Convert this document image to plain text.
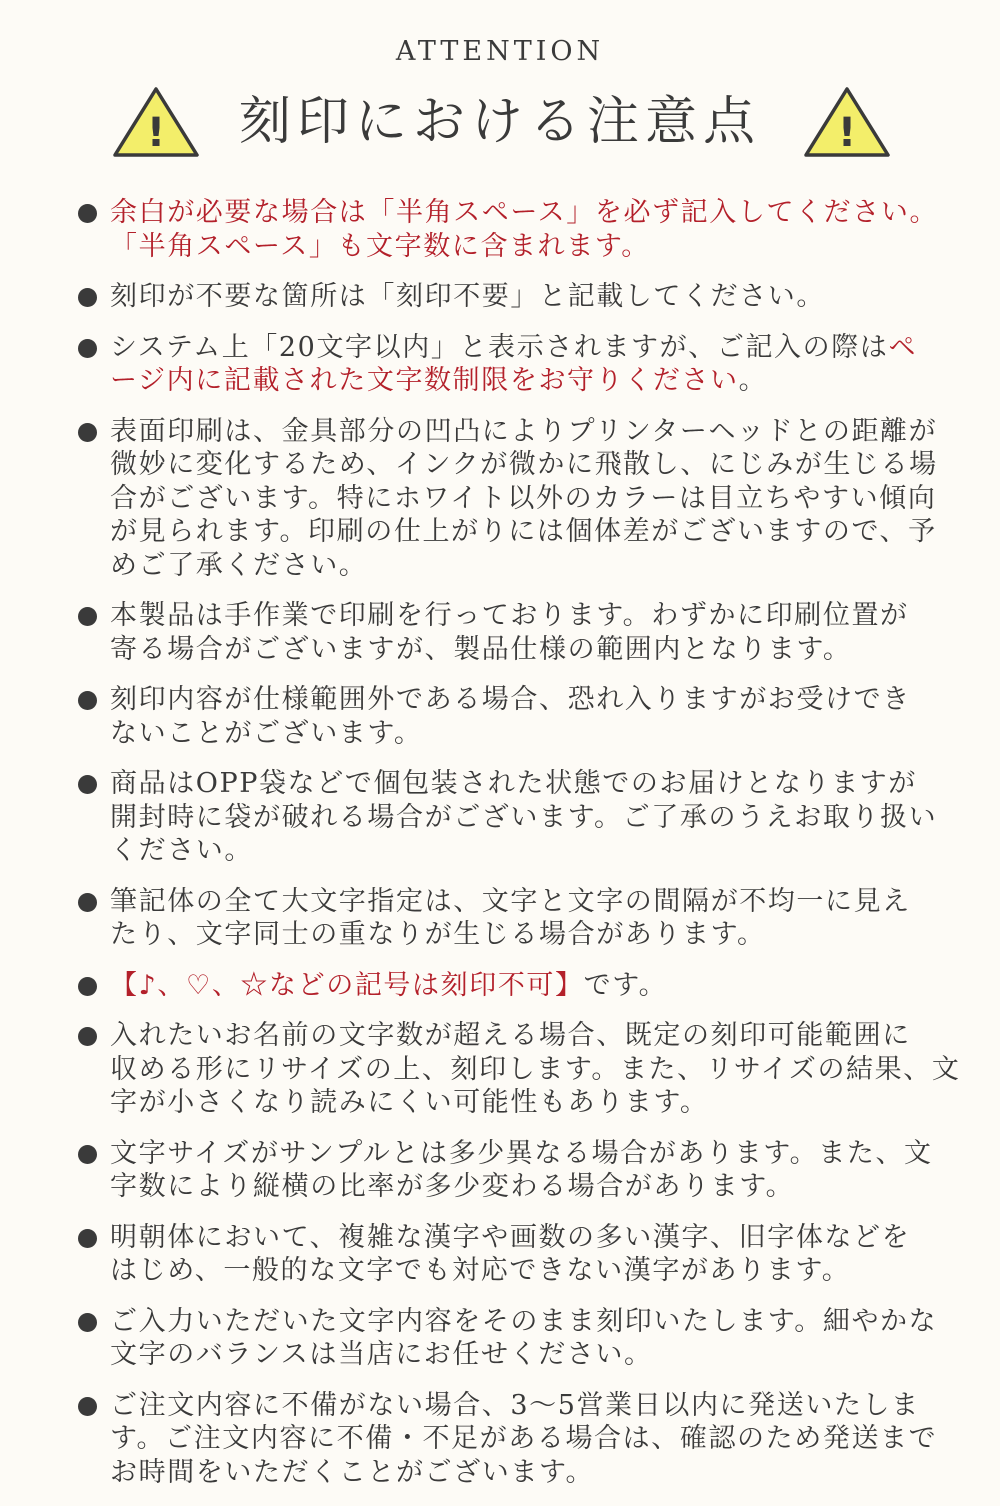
ATTENTION
!	刻印における注意点	!
余白が必要な場合は「半角スペース」を必ず記入してください。
「半角スペース」も文字数に含まれます。
刻印が不要な箇所は「刻印不要」と記載してください。
システム上「20文字以内」と表示されますが、ご記入の際はペ
ージ内に記載された文字数制限をお守りください。
表面印刷は、金具部分の凹凸によりプリンターヘッドとの距離が
微妙に変化するため、インクが微かに飛散し、にじみが生じる場
合がございます。特にホワイト以外のカラーは目立ちやすい傾向
が見られます。印刷の仕上がりには個体差がございますので、予
めご了承ください。
本製品は手作業で印刷を行っております。わずかに印刷位置が
寄る場合がございますが、製品仕様の範囲内となります。
刻印内容が仕様範囲外である場合、恐れ入りますがお受けでき
ないことがございます。
商品はOPP袋などで個包装された状態でのお届けとなりますが
開封時に袋が破れる場合がございます。ご了承のうえお取り扱い
ください。
筆記体の全て大文字指定は、文字と文字の間隔が不均一に見え
たり、文字同士の重なりが生じる場合があります。
【♪、♡、☆などの記号は刻印不可】です。
入れたいお名前の文字数が超える場合、既定の刻印可能範囲に
収める形にリサイズの上、刻印します。また、リサイズの結果、文
字が小さくなり読みにくい可能性もあります。
文字サイズがサンプルとは多少異なる場合があります。また、文
字数により縦横の比率が多少変わる場合があります。
明朝体において、複雑な漢字や画数の多い漢字、旧字体などを
はじめ、一般的な文字でも対応できない漢字があります。
ご入力いただいた文字内容をそのまま刻印いたします。細やかな
文字のバランスは当店にお任せください。
ご注文内容に不備がない場合、3〜5営業日以内に発送いたしま
す。ご注文内容に不備・不足がある場合は、確認のため発送まで
お時間をいただくことがございます。
